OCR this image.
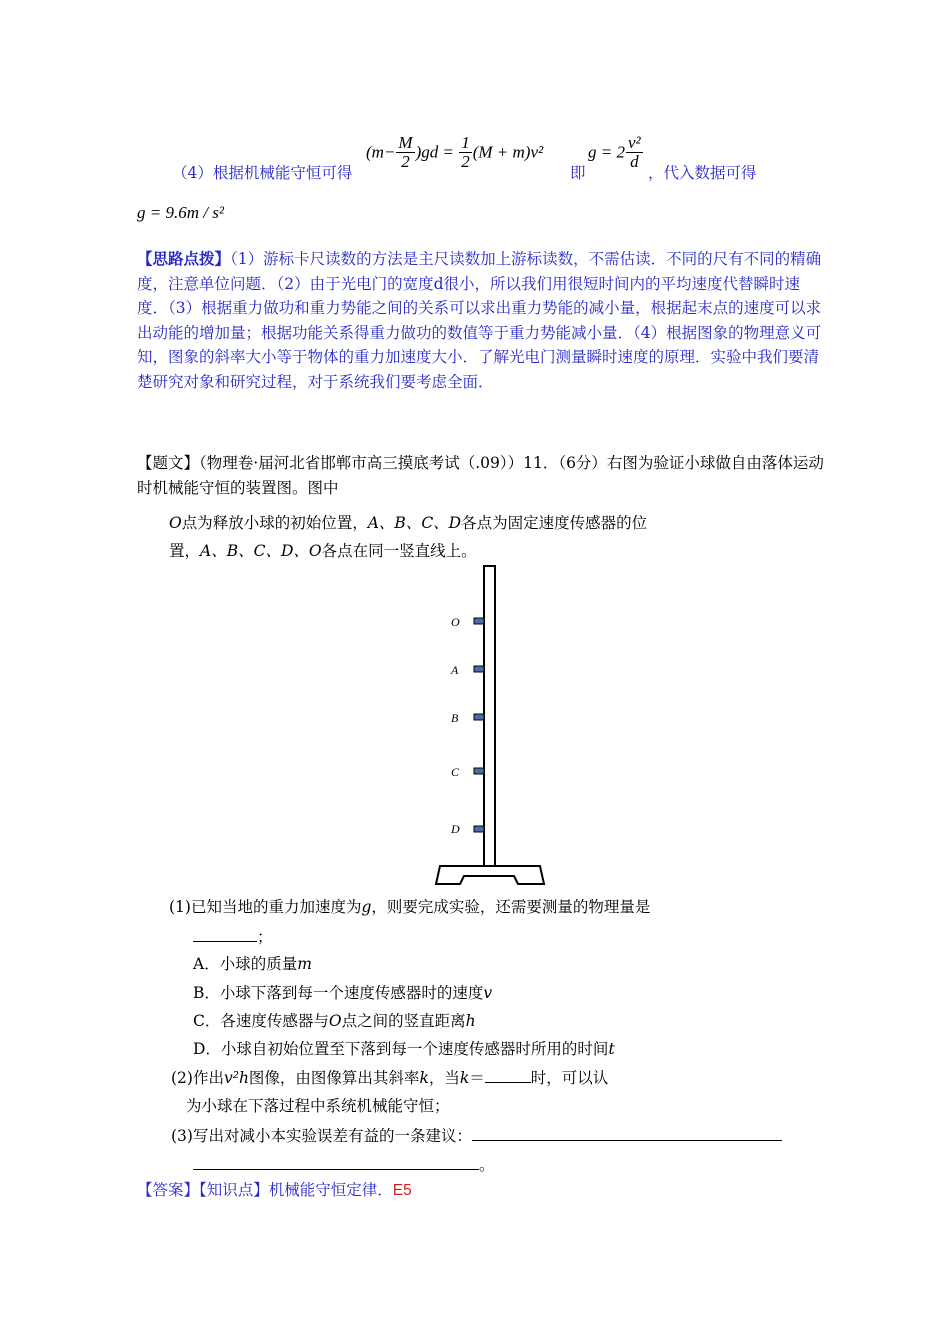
（4）根据机械能守恒可得
$(m- \frac{M}{2} )gd = \frac{1}{2} (M + m)v^2$
即
$g = 2 \frac{\text{v²}}{d}$
，代入数据可得
g = 9.6m / s²
【思路点拨】（1）游标卡尺读数的方法是主尺读数加上游标读数，不需估读．不同的尺有不同的精确度，注意单位问题．（2）由于光电门的宽度d很小，所以我们用很短时间内的平均速度代替瞬时速度．（3）根据重力做功和重力势能之间的关系可以求出重力势能的减小量，根据起末点的速度可以求出动能的增加量；根据功能关系得重力做功的数值等于重力势能减小量．（4）根据图象的物理意义可知，图象的斜率大小等于物体的重力加速度大小．了解光电门测量瞬时速度的原理．实验中我们要清楚研究对象和研究过程，对于系统我们要考虑全面．
【题文】（物理卷·届河北省邯郸市高三摸底考试（.09））11．（6分）右图为验证小球做自由落体运动时机械能守恒的装置图。图中
O点为释放小球的初始位置，A、B、C、D各点为固定速度传感器的位
置，A、B、C、D、O各点在同一竖直线上。
O
A
B
C
D
(1)已知当地的重力加速度为g，则要完成实验，还需要测量的物理量是
；
A．小球的质量m
B．小球下落到每一个速度传感器时的速度v
C．各速度传感器与O点之间的竖直距离h
D．小球自初始位置至下落到每一个速度传感器时所用的时间t
(2)作出v²h图像，由图像算出其斜率k，当k＝	时，可以认
为小球在下落过程中系统机械能守恒；
(3)写出对减小本实验误差有益的一条建议：
。
【答案】【知识点】机械能守恒定律．E5
